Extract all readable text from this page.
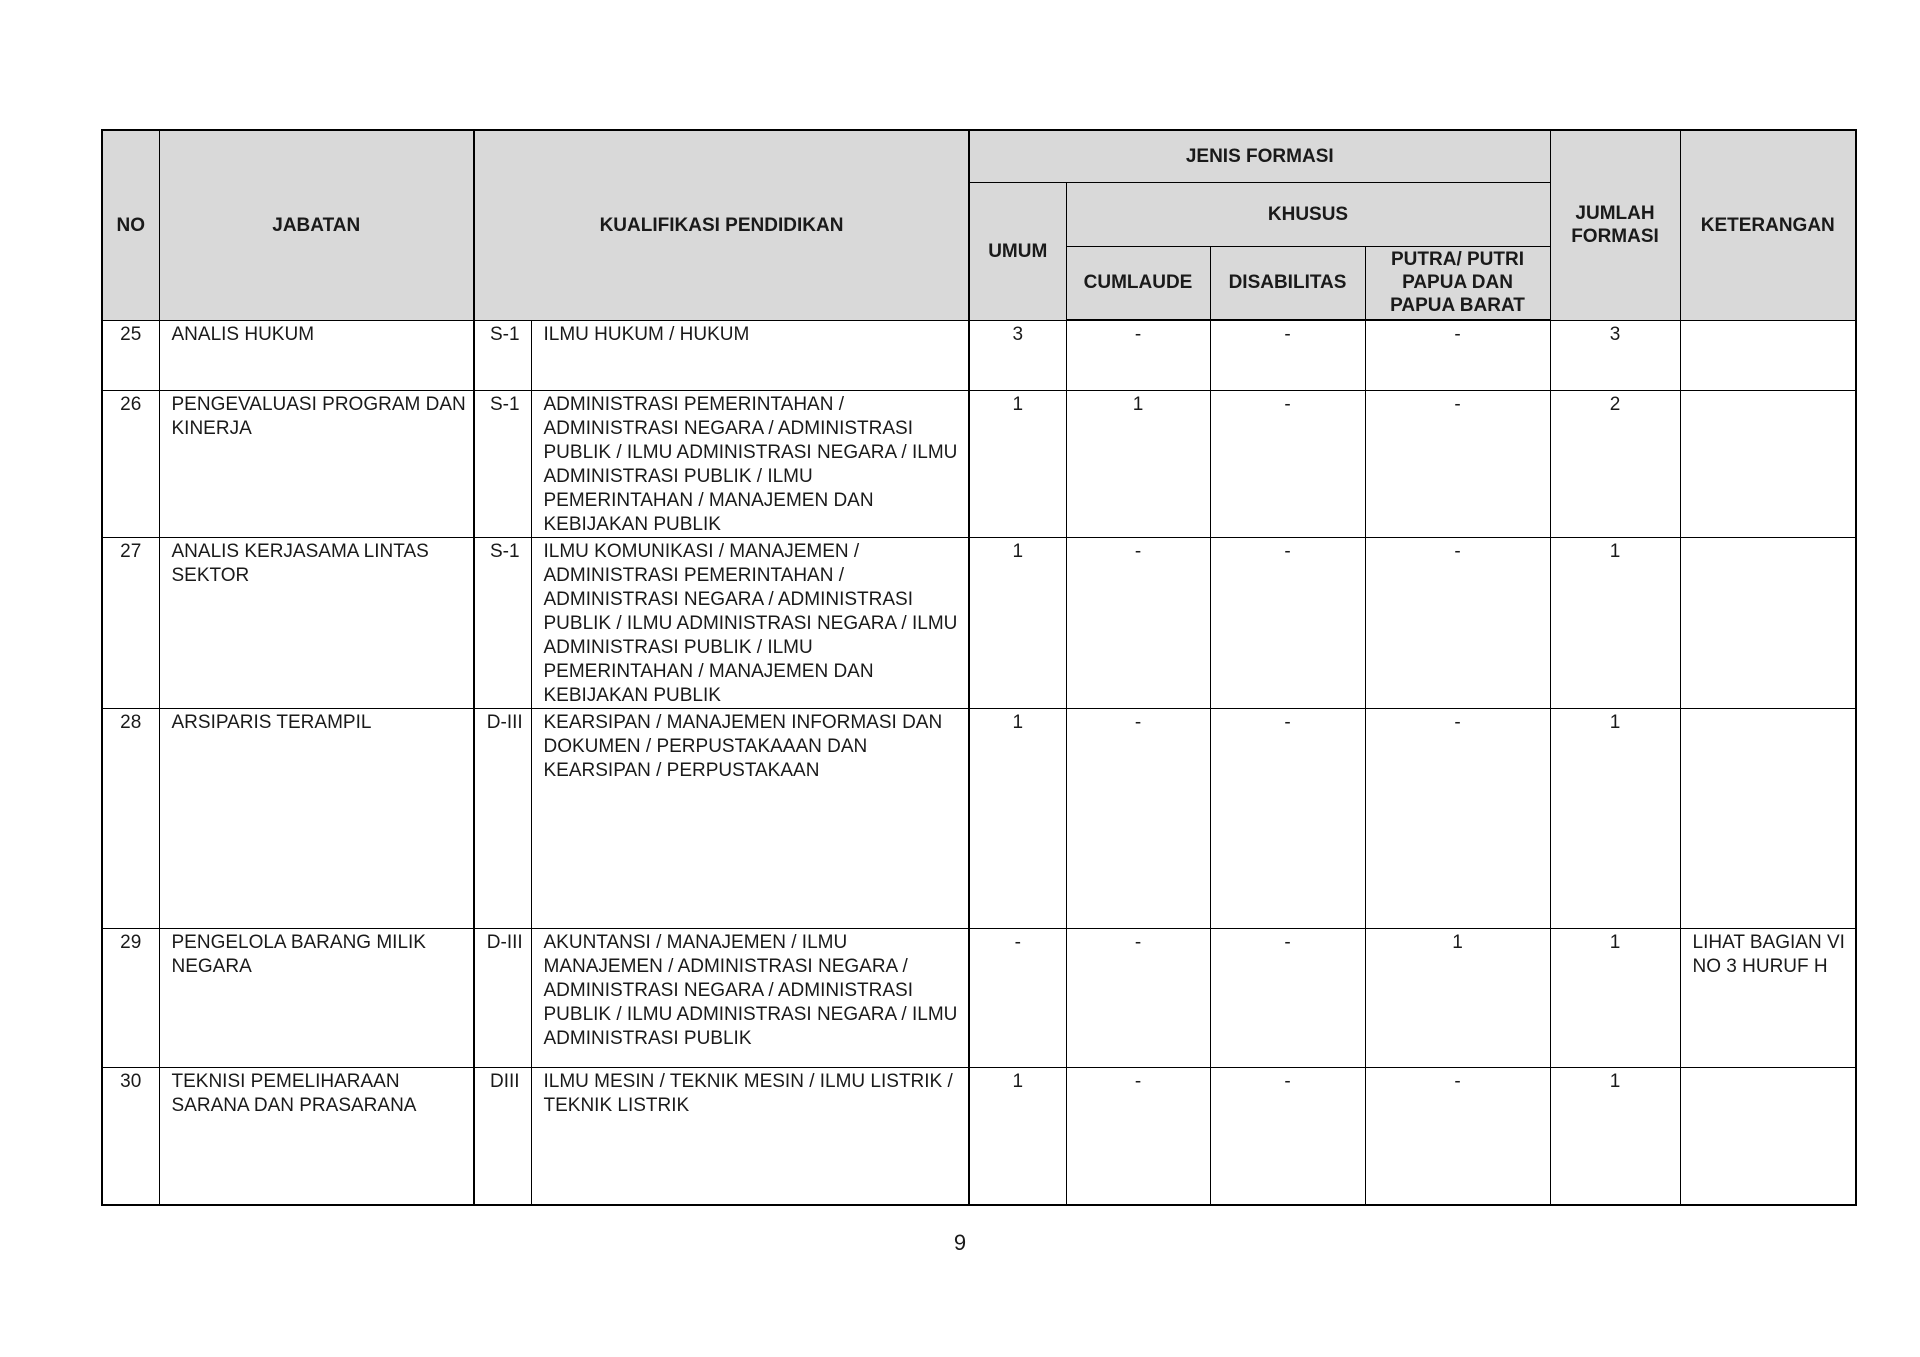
NO	JABATAN	KUALIFIKASI PENDIDIKAN		JENIS FORMASI				JUMLAH FORMASI	KETERANGAN
				UMUM	KHUSUS				
					CUMLAUDE	DISABILITAS	PUTRA/ PUTRI PAPUA DAN PAPUA BARAT		
25	ANALIS HUKUM	S-1	ILMU HUKUM / HUKUM	3	-	-	-	3	
26	PENGEVALUASI PROGRAM DAN KINERJA	S-1	ADMINISTRASI PEMERINTAHAN / ADMINISTRASI NEGARA / ADMINISTRASI PUBLIK / ILMU ADMINISTRASI NEGARA / ILMU ADMINISTRASI PUBLIK / ILMU PEMERINTAHAN / MANAJEMEN DAN KEBIJAKAN PUBLIK	1	1	-	-	2	
27	ANALIS KERJASAMA LINTAS SEKTOR	S-1	ILMU KOMUNIKASI / MANAJEMEN / ADMINISTRASI PEMERINTAHAN / ADMINISTRASI NEGARA / ADMINISTRASI PUBLIK / ILMU ADMINISTRASI NEGARA / ILMU ADMINISTRASI PUBLIK / ILMU PEMERINTAHAN / MANAJEMEN DAN KEBIJAKAN PUBLIK	1	-	-	-	1	
28	ARSIPARIS TERAMPIL	D-III	KEARSIPAN / MANAJEMEN INFORMASI DAN DOKUMEN / PERPUSTAKAAAN DAN KEARSIPAN / PERPUSTAKAAN	1	-	-	-	1	
29	PENGELOLA BARANG MILIK NEGARA	D-III	AKUNTANSI / MANAJEMEN / ILMU MANAJEMEN / ADMINISTRASI NEGARA / ADMINISTRASI NEGARA / ADMINISTRASI PUBLIK / ILMU ADMINISTRASI NEGARA / ILMU ADMINISTRASI PUBLIK	-	-	-	1	1	LIHAT BAGIAN VI NO 3 HURUF H
30	TEKNISI PEMELIHARAAN SARANA DAN PRASARANA	DIII	ILMU MESIN / TEKNIK MESIN / ILMU LISTRIK / TEKNIK LISTRIK	1	-	-	-	1	
9
